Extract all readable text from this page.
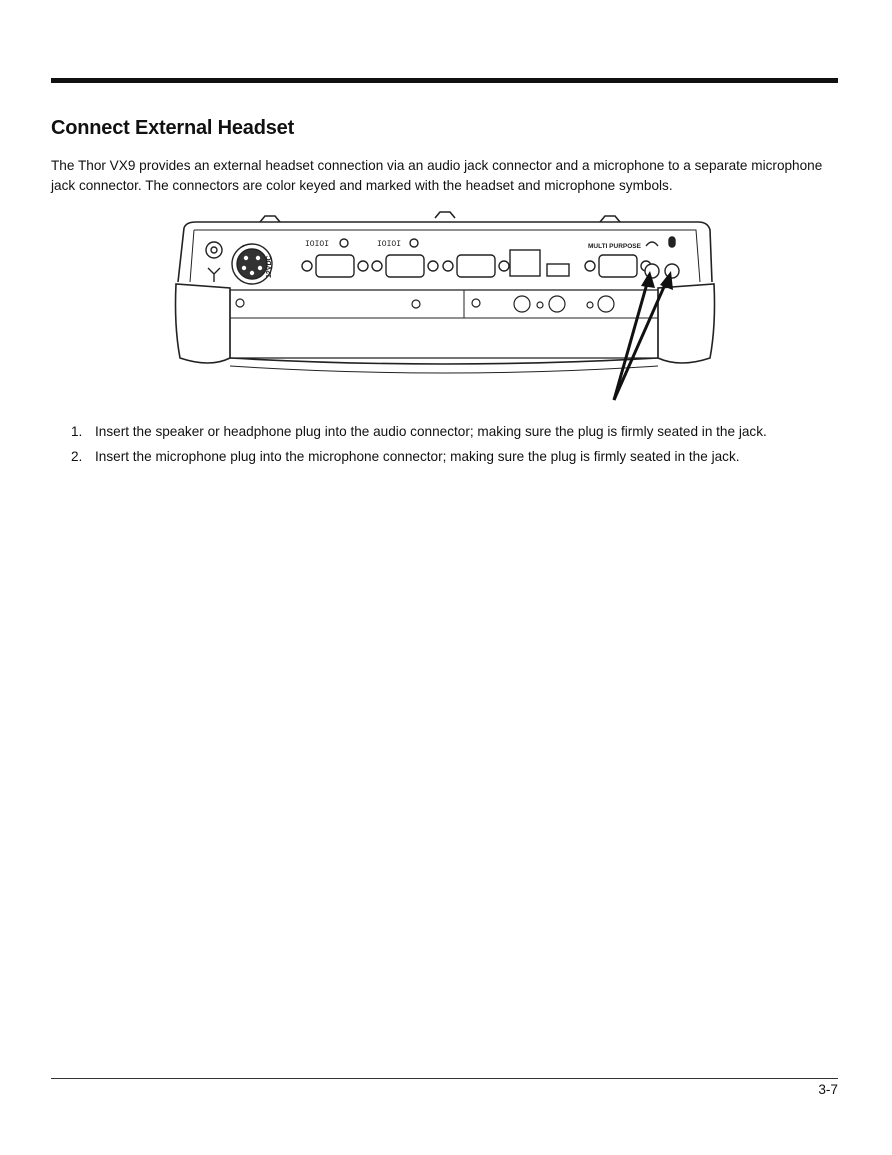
Connect External Headset

The Thor VX9 provides an external headset connection via an audio jack connector and a microphone to a separate microphone jack connector. The connectors are color keyed and marked with the headset and microphone symbols.

12VDC
IOIOI	IOIOI	MULTI PURPOSE
1. Insert the speaker or headphone plug into the audio connector; making sure the plug is firmly seated in the jack.
2. Insert the microphone plug into the microphone connector; making sure the plug is firmly seated in the jack.
3-7
